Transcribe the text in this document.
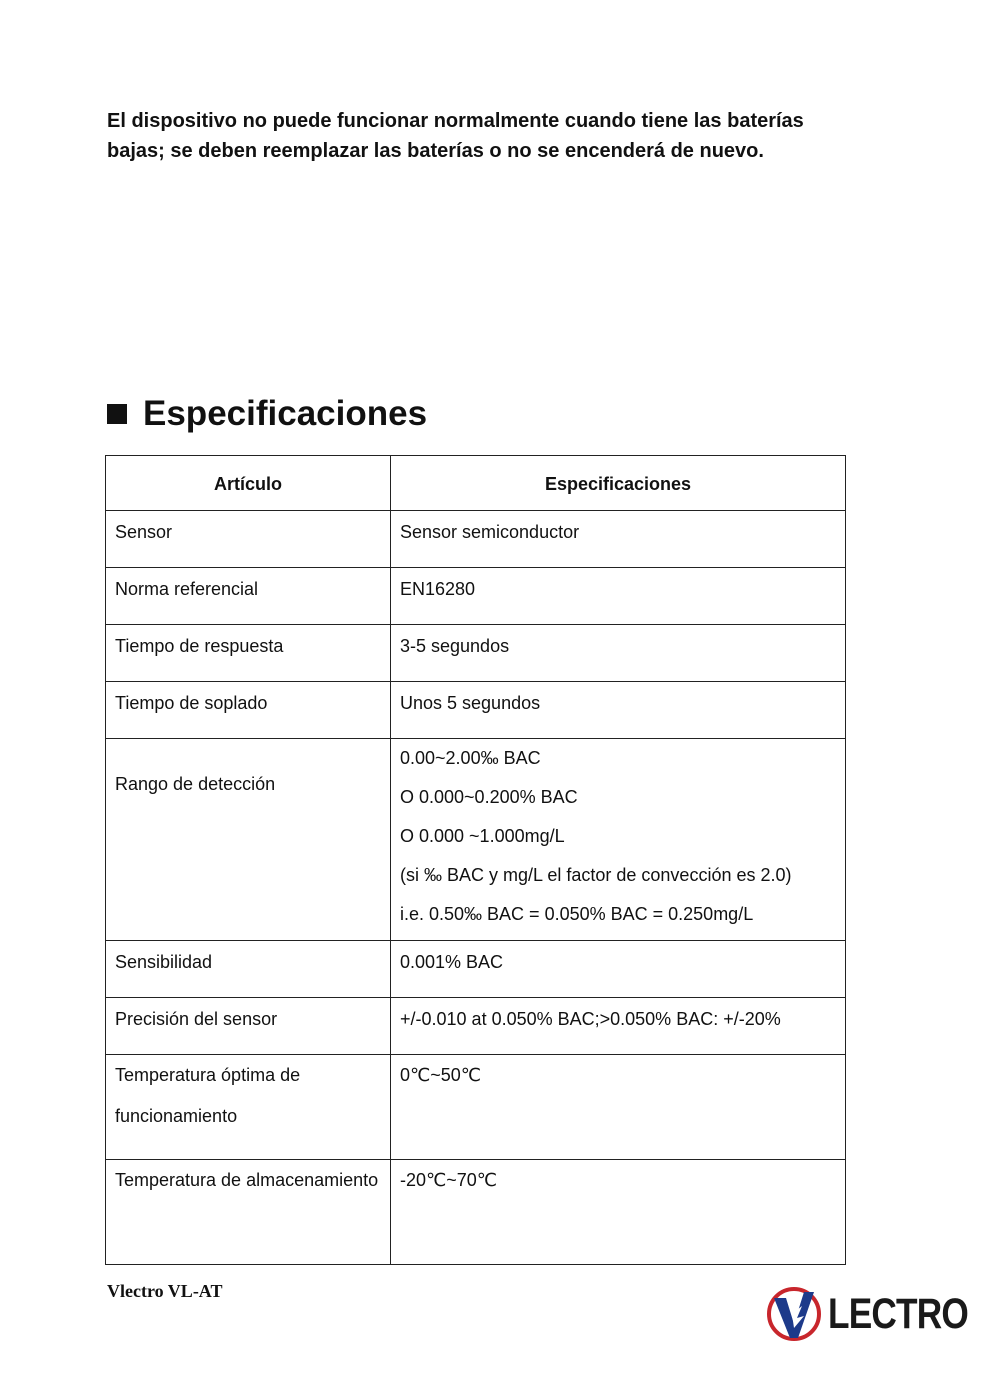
El dispositivo no puede funcionar normalmente cuando tiene las baterías bajas; se deben reemplazar las baterías o no se encenderá de nuevo.

Especificaciones
Artículo	Especificaciones
Sensor	Sensor semiconductor
Norma referencial	EN16280
Tiempo de respuesta	3-5 segundos
Tiempo de soplado	Unos 5 segundos
Rango de detección	0.00~2.00‰ BAC
O 0.000~0.200% BAC
O 0.000 ~1.000mg/L
(si ‰ BAC y mg/L el factor de convección es 2.0)
i.e. 0.50‰ BAC = 0.050% BAC = 0.250mg/L

Sensibilidad	0.001% BAC
Precisión del sensor	+/-0.010 at 0.050% BAC;>0.050% BAC: +/-20%
Temperatura óptima de funcionamiento	0℃~50℃
Temperatura de almacenamiento	-20℃~70℃
Vlectro VL-AT	LECTRO
